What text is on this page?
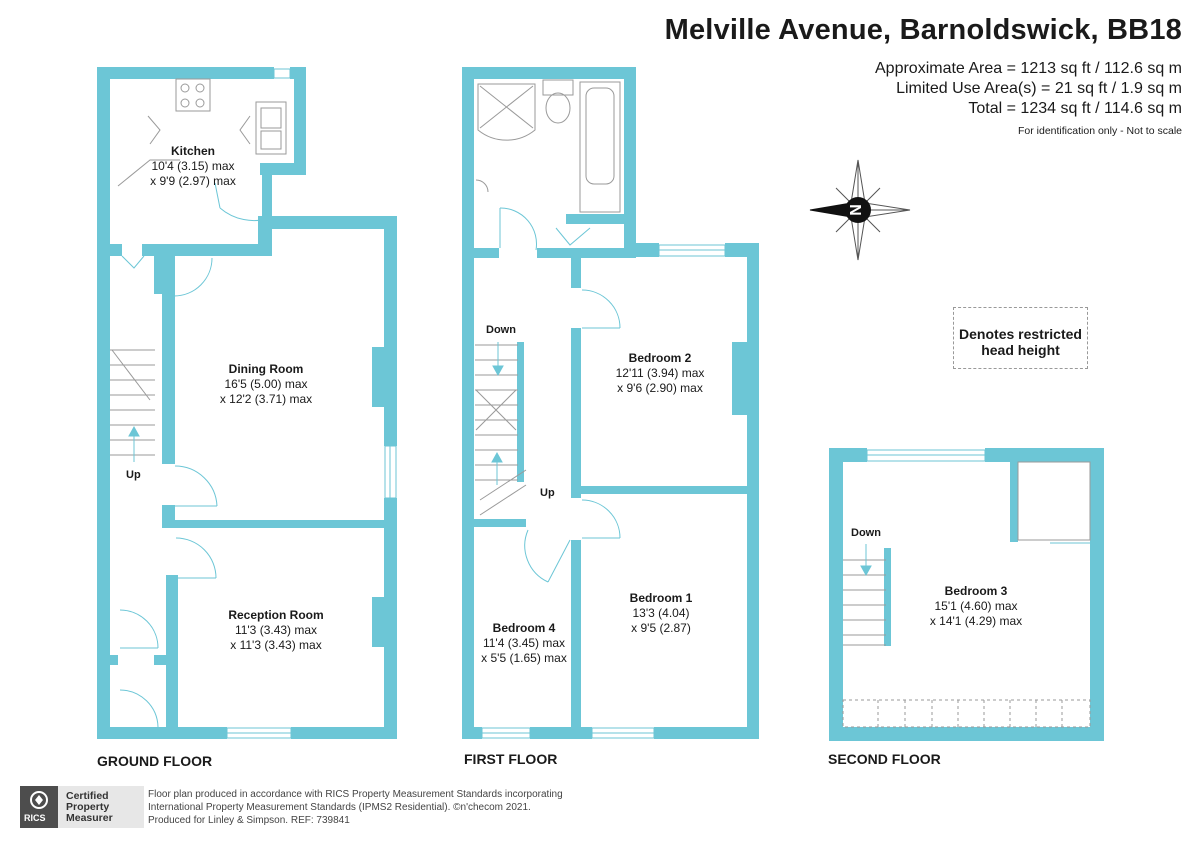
N
Melville Avenue, Barnoldswick, BB18
Approximate Area = 1213 sq ft / 112.6 sq m
Limited Use Area(s) = 21 sq ft / 1.9 sq m
Total = 1234 sq ft / 114.6 sq m
For identification only - Not to scale
Denotes restricted
head height
Kitchen
10'4 (3.15) max
x 9'9 (2.97) max
Dining Room
16'5 (5.00) max
x 12'2 (3.71) max
Reception Room
11'3 (3.43) max
x 11'3 (3.43) max
Bedroom 2
12'11 (3.94) max
x 9'6 (2.90) max
Bedroom 1
13'3 (4.04)
x 9'5 (2.87)
Bedroom 4
11'4 (3.45) max
x 5'5 (1.65) max
Bedroom 3
15'1 (4.60) max
x 14'1 (4.29) max
Up
Down
Up
Down
GROUND FLOOR	FIRST FLOOR	SECOND FLOOR
RICS
Certified
Property
Measurer
Floor plan produced in accordance with RICS Property Measurement Standards incorporating
International Property Measurement Standards (IPMS2 Residential). ©n'checom 2021.
Produced for Linley & Simpson. REF: 739841
